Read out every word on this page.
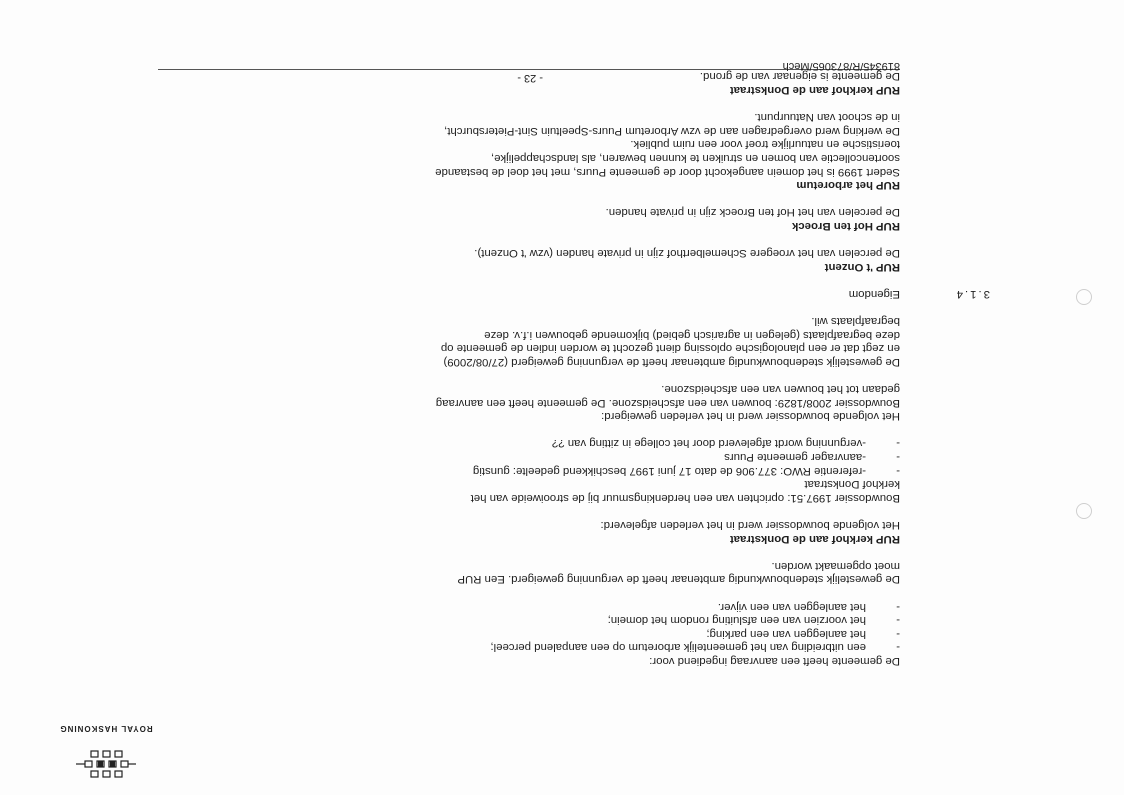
ROYAL HASKONING

De gemeente heeft een aanvraag ingediend voor:

-
een uitbreiding van het gemeentelijk arboretum op een aanpalend perceel;

-
het aanleggen van een parking;

-
het voorzien van een afsluiting rondom het domein;

-
het aanleggen van een vijver.

De gewestelijk stedenbouwkundig ambtenaar heeft de vergunning geweigerd. Een RUP

moet opgemaakt worden.

RUP kerkhof aan de Donkstraat

Het volgende bouwdossier werd in het verleden afgeleverd:

Bouwdossier 1997.51: oprichten van een herdenkingsmuur bij de strooiweide van het

kerkhof Donkstraat

-
-referentie RWO: 377.906 de dato 17 juni 1997 beschikkend gedeelte: gunstig

-
-aanvrager gemeente Puurs

-
-vergunning wordt afgeleverd door het college in zitting van ??

Het volgende bouwdossier werd in het verleden geweigerd:

Bouwdossier 2008/1829: bouwen van een afscheidszone. De gemeente heeft een aanvraag

gedaan tot het bouwen van een afscheidszone.

De gewestelijk stedenbouwkundig ambtenaar heeft de vergunning geweigerd (27/08/2009)

en zegt dat er een planologische oplossing dient gezocht te worden indien de gemeente op

deze begraafplaats (gelegen in agrarisch gebied) bijkomende gebouwen i.f.v. deze

begraafplaats wil.

3.1.4
Eigendom

RUP 't Onzent

De percelen van het vroegere Schemelberthof zijn in private handen (vzw 't Onzent).

RUP Hof ten Broeck

De percelen van het Hof ten Broeck zijn in private handen.

RUP het arboretum

Sedert 1999 is het domein aangekocht door de gemeente Puurs, met het doel de bestaande

soortencollectie van bomen en struiken te kunnen bewaren, als landschappelijke,

toeristische en natuurlijke troef voor een ruim publiek.

De werking werd overgedragen aan de vzw Arboretum Puurs-Speeltuin Sint-Pietersburcht,

in de schoot van Natuurpunt.

RUP kerkhof aan de Donkstraat

De gemeente is eigenaar van de grond.

819345/R/873065/Mech
- 23 -
